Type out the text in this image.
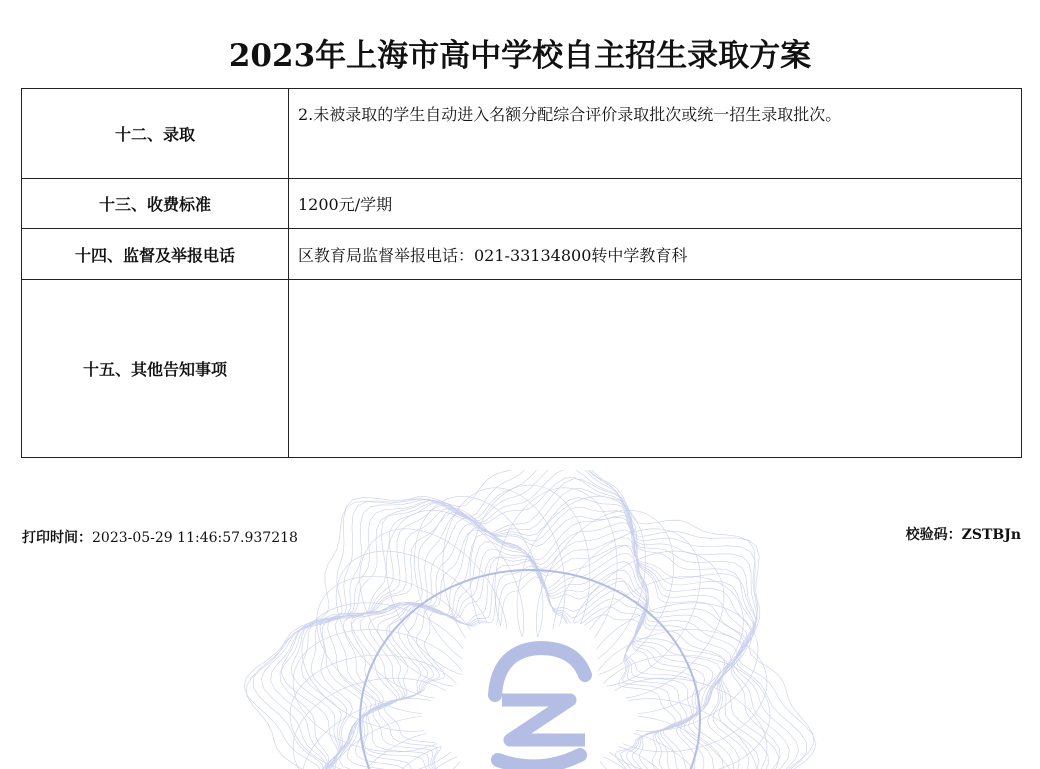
2023年上海市高中学校自主招生录取方案
十二、录取	2.未被录取的学生自动进入名额分配综合评价录取批次或统一招生录取批次。
十三、收费标准	1200元/学期
十四、监督及举报电话	区教育局监督举报电话：021-33134800转中学教育科
十五、其他告知事项	
打印时间：2023-05-29 11:46:57.937218	校验码：ZSTBJn
